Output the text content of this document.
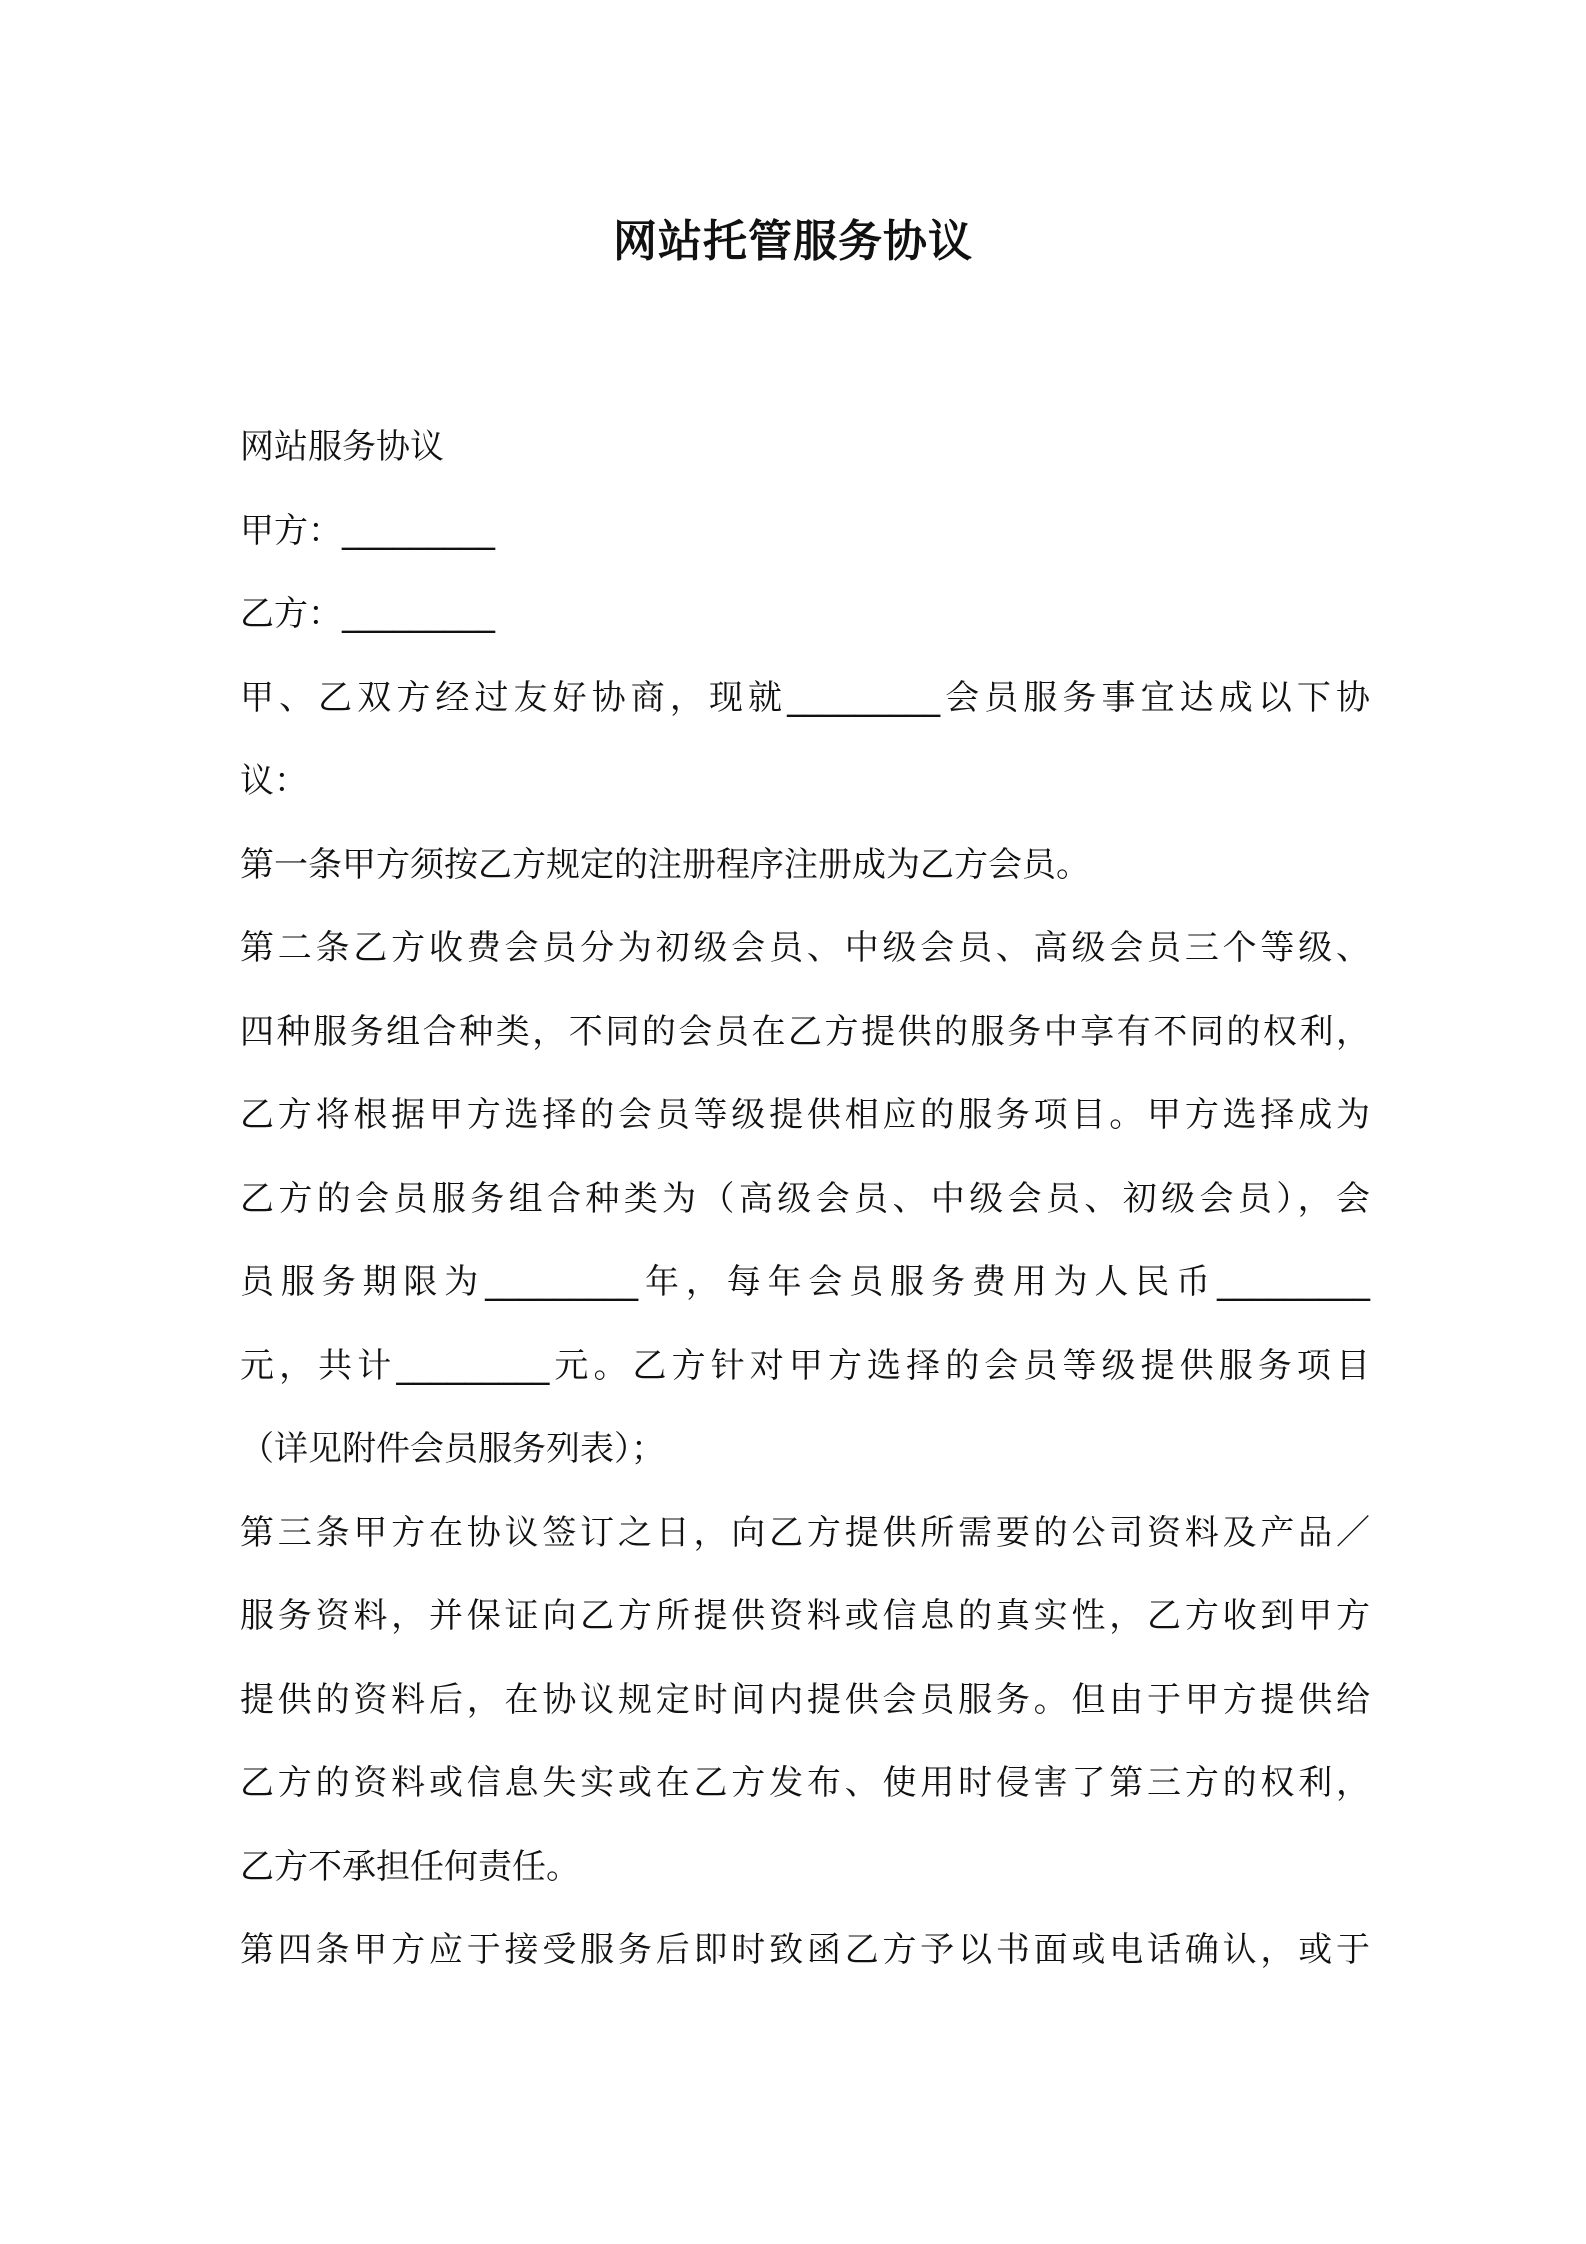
网站托管服务协议
网站服务协议
甲方：_________
乙方：_________
甲、乙双方经过友好协商，现就_________会员服务事宜达成以下协
议：
第一条甲方须按乙方规定的注册程序注册成为乙方会员。
第二条乙方收费会员分为初级会员、中级会员、高级会员三个等级、
四种服务组合种类，不同的会员在乙方提供的服务中享有不同的权利，
乙方将根据甲方选择的会员等级提供相应的服务项目。甲方选择成为
乙方的会员服务组合种类为（高级会员、中级会员、初级会员），会
员服务期限为_________年，每年会员服务费用为人民币_________
元，共计_________元。乙方针对甲方选择的会员等级提供服务项目
（详见附件会员服务列表）；
第三条甲方在协议签订之日，向乙方提供所需要的公司资料及产品／
服务资料，并保证向乙方所提供资料或信息的真实性，乙方收到甲方
提供的资料后，在协议规定时间内提供会员服务。但由于甲方提供给
乙方的资料或信息失实或在乙方发布、使用时侵害了第三方的权利，
乙方不承担任何责任。
第四条甲方应于接受服务后即时致函乙方予以书面或电话确认，或于
